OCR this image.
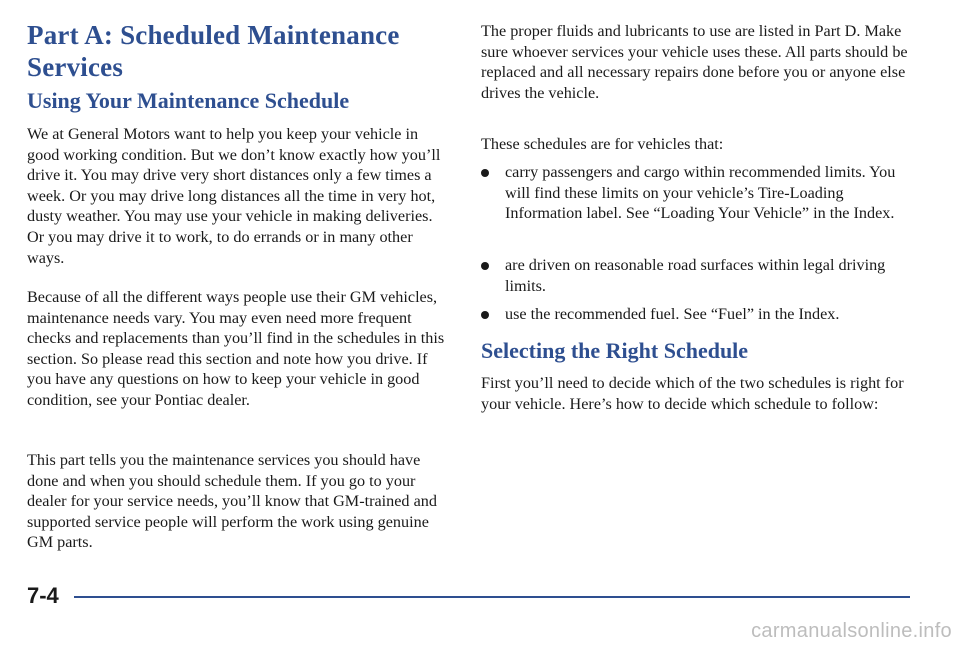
Part A: Scheduled Maintenance Services
Using Your Maintenance Schedule

We at General Motors want to help you keep your vehicle in good working condition. But we don’t know exactly how you’ll drive it. You may drive very short distances only a few times a week. Or you may drive long distances all the time in very hot, dusty weather. You may use your vehicle in making deliveries. Or you may drive it to work, to do errands or in many other ways.

Because of all the different ways people use their GM vehicles, maintenance needs vary. You may even need more frequent checks and replacements than you’ll find in the schedules in this section. So please read this section and note how you drive. If you have any questions on how to keep your vehicle in good condition, see your Pontiac dealer.

This part tells you the maintenance services you should have done and when you should schedule them. If you go to your dealer for your service needs, you’ll know that GM-trained and supported service people will perform the work using genuine GM parts.

The proper fluids and lubricants to use are listed in Part D. Make sure whoever services your vehicle uses these. All parts should be replaced and all necessary repairs done before you or anyone else drives the vehicle.

These schedules are for vehicles that:

carry passengers and cargo within recommended limits. You will find these limits on your vehicle’s Tire-Loading Information label. See “Loading Your Vehicle” in the Index.

are driven on reasonable road surfaces within legal driving limits.

use the recommended fuel. See “Fuel” in the Index.

Selecting the Right Schedule

First you’ll need to decide which of the two schedules is right for your vehicle. Here’s how to decide which schedule to follow:

7-4
carmanualsonline.info
